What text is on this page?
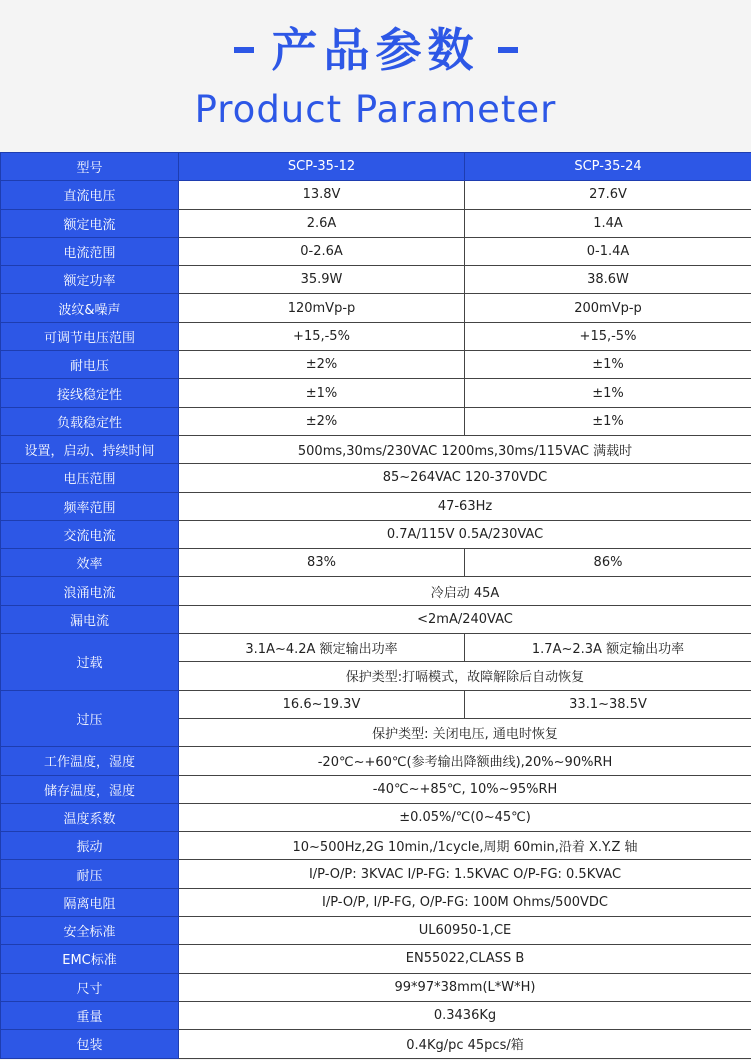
产品参数
Product Parameter
型号	SCP-35-12	SCP-35-24
直流电压	13.8V	27.6V
额定电流	2.6A	1.4A
电流范围	0-2.6A	0-1.4A
额定功率	35.9W	38.6W
波纹&噪声	120mVp-p	200mVp-p
可调节电压范围	+15,-5%	+15,-5%
耐电压	±2%	±1%
接线稳定性	±1%	±1%
负载稳定性	±2%	±1%
设置，启动、持续时间	500ms,30ms/230VAC 1200ms,30ms/115VAC 满载时	
电压范围	85~264VAC 120-370VDC	
频率范围	47-63Hz	
交流电流	0.7A/115V 0.5A/230VAC	
效率	83%	86%
浪涌电流	冷启动 45A	
漏电流	<2mA/240VAC	
过载	3.1A~4.2A 额定输出功率	1.7A~2.3A 额定输出功率
	保护类型:打嗝模式，故障解除后自动恢复	
过压	16.6~19.3V	33.1~38.5V
	保护类型: 关闭电压, 通电时恢复	
工作温度，湿度	-20℃~+60℃(参考输出降额曲线),20%~90%RH	
储存温度，湿度	-40℃~+85℃, 10%~95%RH	
温度系数	±0.05%/℃(0~45℃)	
振动	10~500Hz,2G 10min,/1cycle,周期 60min,沿着 X.Y.Z 轴	
耐压	I/P-O/P: 3KVAC I/P-FG: 1.5KVAC O/P-FG: 0.5KVAC	
隔离电阻	I/P-O/P, I/P-FG, O/P-FG: 100M Ohms/500VDC	
安全标准	UL60950-1,CE	
EMC标准	EN55022,CLASS B	
尺寸	99*97*38mm(L*W*H)	
重量	0.3436Kg	
包装	0.4Kg/pc 45pcs/箱	
